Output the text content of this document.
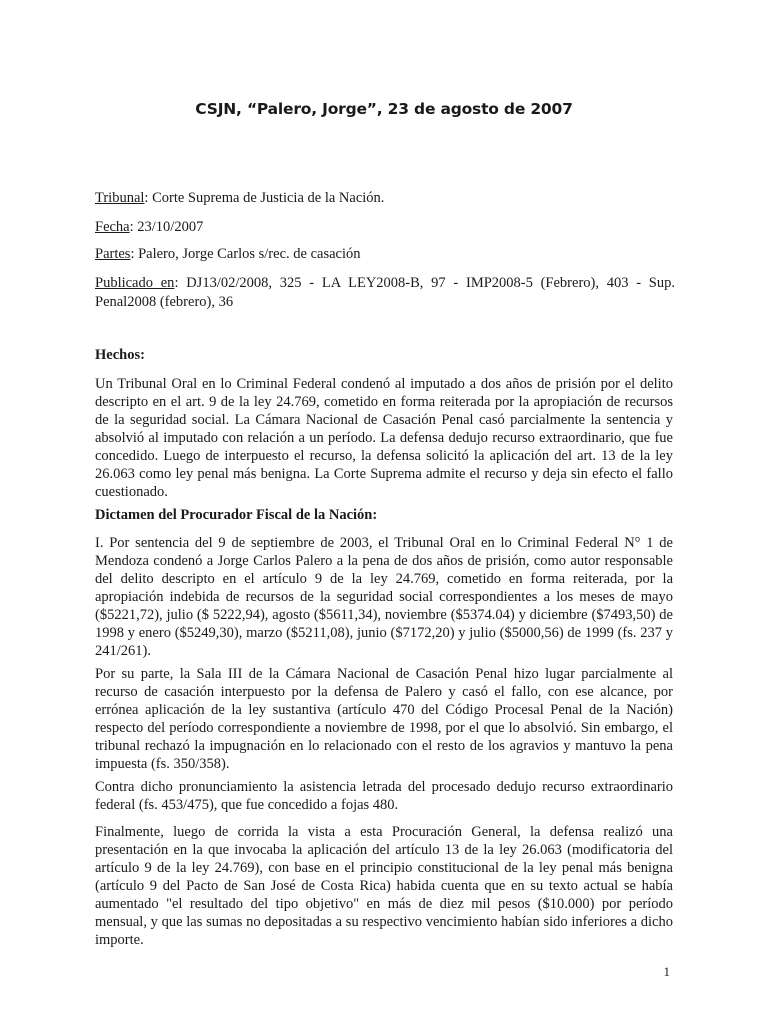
CSJN, “Palero, Jorge”, 23 de agosto de 2007
Tribunal: Corte Suprema de Justicia de la Nación.
Fecha: 23/10/2007
Partes: Palero, Jorge Carlos s/rec. de casación
Publicado en: DJ13/02/2008, 325 - LA LEY2008-B, 97 - IMP2008-5 (Febrero), 403 - Sup. Penal2008 (febrero), 36
Hechos:
Un Tribunal Oral en lo Criminal Federal condenó al imputado a dos años de prisión por el delito descripto en el art. 9 de la ley 24.769, cometido en forma reiterada por la apropiación de recursos de la seguridad social. La Cámara Nacional de Casación Penal casó parcialmente la sentencia y absolvió al imputado con relación a un período. La defensa dedujo recurso extraordinario, que fue concedido. Luego de interpuesto el recurso, la defensa solicitó la aplicación del art. 13 de la ley 26.063 como ley penal más benigna. La Corte Suprema admite el recurso y deja sin efecto el fallo cuestionado.
Dictamen del Procurador Fiscal de la Nación:
I. Por sentencia del 9 de septiembre de 2003, el Tribunal Oral en lo Criminal Federal N° 1 de Mendoza condenó a Jorge Carlos Palero a la pena de dos años de prisión, como autor responsable del delito descripto en el artículo 9 de la ley 24.769, cometido en forma reiterada, por la apropiación indebida de recursos de la seguridad social correspondientes a los meses de mayo ($5221,72), julio ($ 5222,94), agosto ($5611,34), noviembre ($5374.04) y diciembre ($7493,50) de 1998 y enero ($5249,30), marzo ($5211,08), junio ($7172,20) y julio ($5000,56) de 1999 (fs. 237 y 241/261).
Por su parte, la Sala III de la Cámara Nacional de Casación Penal hizo lugar parcialmente al recurso de casación interpuesto por la defensa de Palero y casó el fallo, con ese alcance, por errónea aplicación de la ley sustantiva (artículo 470 del Código Procesal Penal de la Nación) respecto del período correspondiente a noviembre de 1998, por el que lo absolvió. Sin embargo, el tribunal rechazó la impugnación en lo relacionado con el resto de los agravios y mantuvo la pena impuesta (fs. 350/358).
Contra dicho pronunciamiento la asistencia letrada del procesado dedujo recurso extraordinario federal (fs. 453/475), que fue concedido a fojas 480.
Finalmente, luego de corrida la vista a esta Procuración General, la defensa realizó una presentación en la que invocaba la aplicación del artículo 13 de la ley 26.063 (modificatoria del artículo 9 de la ley 24.769), con base en el principio constitucional de la ley penal más benigna (artículo 9 del Pacto de San José de Costa Rica) habida cuenta que en su texto actual se había aumentado "el resultado del tipo objetivo" en más de diez mil pesos ($10.000) por período mensual, y que las sumas no depositadas a su respectivo vencimiento habían sido inferiores a dicho importe.
1
